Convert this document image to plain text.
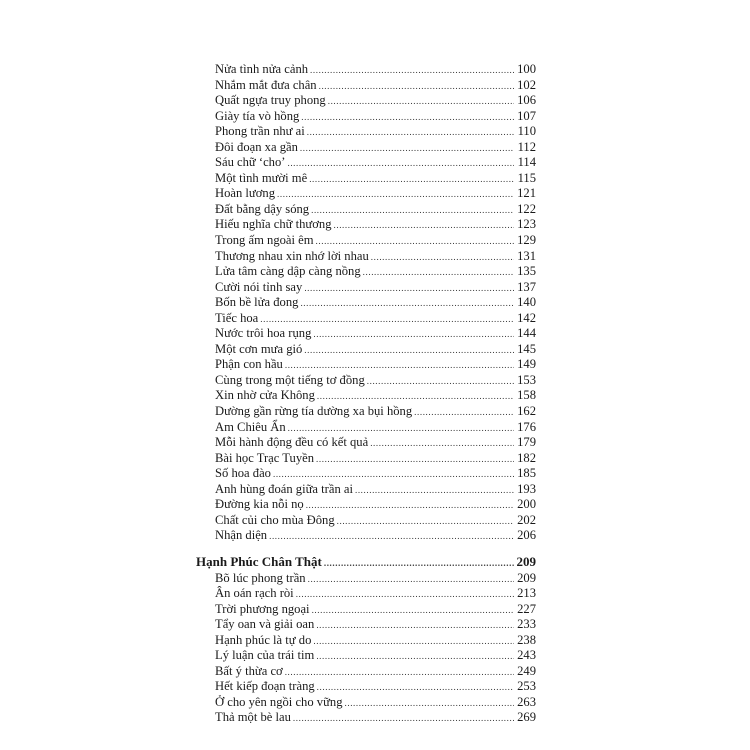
Nửa tình nửa cảnh .....	100
Nhắm mắt đưa chân .....	102
Quất ngựa truy phong .....	106
Giày tía vò hồng .....	107
Phong trần như ai .....	110
Đôi đoạn xa gần .....	112
Sáu chữ ‘cho’ .....	114
Một tình mười mê .....	115
Hoàn lương .....	121
Đất bằng dậy sóng .....	122
Hiếu nghĩa chữ thương .....	123
Trong ấm ngoài êm .....	129
Thương nhau xin nhớ lời nhau .....	131
Lửa tâm càng dập càng nồng .....	135
Cười nói tỉnh say .....	137
Bốn bề lửa đong .....	140
Tiếc hoa .....	142
Nước trôi hoa rụng .....	144
Một cơn mưa gió .....	145
Phận con hầu .....	149
Cùng trong một tiếng tơ đồng .....	153
Xin nhờ cửa Không .....	158
Dường gần rừng tía dường xa bụi hồng .....	162
Am Chiêu Ẩn .....	176
Mỗi hành động đều có kết quả .....	179
Bài học Trạc Tuyền .....	182
Số hoa đào .....	185
Anh hùng đoán giữa trần ai .....	193
Đường kia nỗi nọ .....	200
Chất củi cho mùa Đông .....	202
Nhận diện .....	206
Hạnh Phúc Chân Thật .....	209
Bõ lúc phong trần .....	209
Ân oán rạch ròi .....	213
Trời phương ngoại .....	227
Tẩy oan và giải oan .....	233
Hạnh phúc là tự do .....	238
Lý luận của trái tim .....	243
Bất ý thừa cơ .....	249
Hết kiếp đoạn tràng .....	253
Ở cho yên ngồi cho vững .....	263
Thả một bè lau .....	269
